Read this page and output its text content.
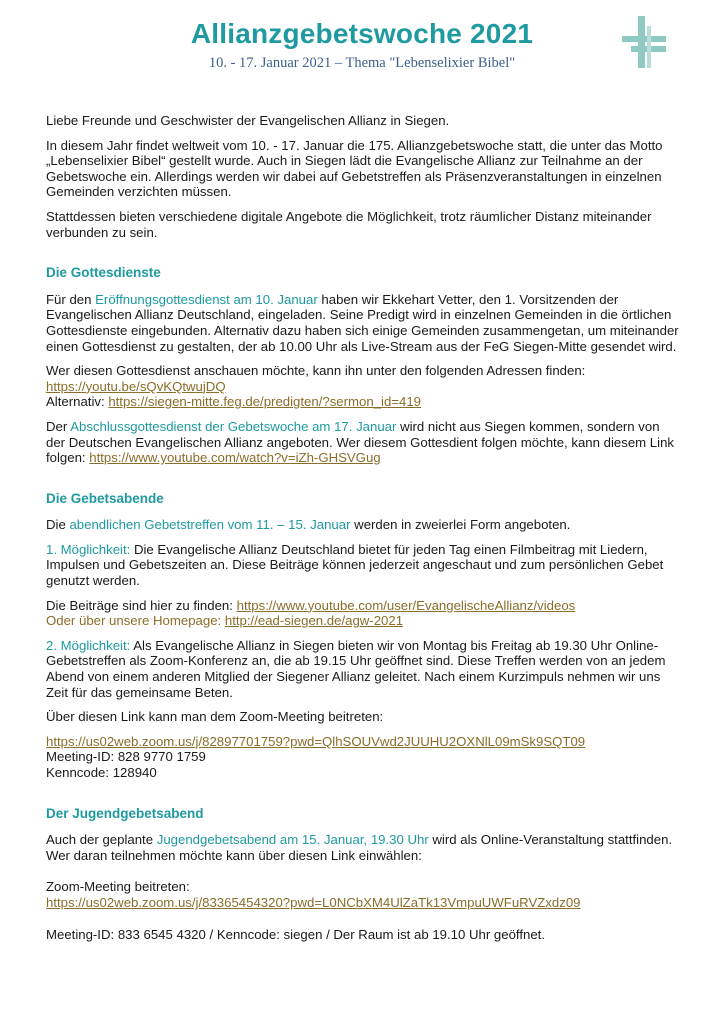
Allianzgebetswoche 2021
10. - 17. Januar 2021 – Thema "Lebenselixier Bibel"

Liebe Freunde und Geschwister der Evangelischen Allianz in Siegen.

In diesem Jahr findet weltweit vom 10. - 17. Januar die 175. Allianzgebetswoche statt, die unter das Motto „Lebenselixier Bibel“ gestellt wurde. Auch in Siegen lädt die Evangelische Allianz zur Teilnahme an der Gebetswoche ein. Allerdings werden wir dabei auf Gebetstreffen als Präsenzveranstaltungen in einzelnen Gemeinden verzichten müssen.

Stattdessen bieten verschiedene digitale Angebote die Möglichkeit, trotz räumlicher Distanz miteinander verbunden zu sein.

Die Gottesdienste

Für den Eröffnungsgottesdienst am 10. Januar haben wir Ekkehart Vetter, den 1. Vorsitzenden der Evangelischen Allianz Deutschland, eingeladen. Seine Predigt wird in einzelnen Gemeinden in die örtlichen Gottesdienste eingebunden. Alternativ dazu haben sich einige Gemeinden zusammengetan, um miteinander einen Gottesdienst zu gestalten, der ab 10.00 Uhr als Live-Stream aus der FeG Siegen-Mitte gesendet wird.

Wer diesen Gottesdienst anschauen möchte, kann ihn unter den folgenden Adressen finden:
https://youtu.be/sQvKQtwujDQ
Alternativ: https://siegen-mitte.feg.de/predigten/?sermon_id=419

Der Abschlussgottesdienst der Gebetswoche am 17. Januar wird nicht aus Siegen kommen, sondern von der Deutschen Evangelischen Allianz angeboten. Wer diesem Gottesdient folgen möchte, kann diesem Link folgen: https://www.youtube.com/watch?v=iZh-GHSVGug

Die Gebetsabende

Die abendlichen Gebetstreffen vom 11. – 15. Januar werden in zweierlei Form angeboten.

1. Möglichkeit: Die Evangelische Allianz Deutschland bietet für jeden Tag einen Filmbeitrag mit Liedern, Impulsen und Gebetszeiten an. Diese Beiträge können jederzeit angeschaut und zum persönlichen Gebet genutzt werden.

Die Beiträge sind hier zu finden: https://www.youtube.com/user/EvangelischeAllianz/videos
Oder über unsere Homepage: http://ead-siegen.de/agw-2021

2. Möglichkeit: Als Evangelische Allianz in Siegen bieten wir von Montag bis Freitag ab 19.30 Uhr Online-Gebetstreffen als Zoom-Konferenz an, die ab 19.15 Uhr geöffnet sind. Diese Treffen werden von an jedem Abend von einem anderen Mitglied der Siegener Allianz geleitet. Nach einem Kurzimpuls nehmen wir uns Zeit für das gemeinsame Beten.

Über diesen Link kann man dem Zoom-Meeting beitreten:

https://us02web.zoom.us/j/82897701759?pwd=QlhSOUVwd2JUUHU2OXNlL09mSk9SQT09
Meeting-ID: 828 9770 1759
Kenncode: 128940

Der Jugendgebetsabend

Auch der geplante Jugendgebetsabend am 15. Januar, 19.30 Uhr wird als Online-Veranstaltung stattfinden. Wer daran teilnehmen möchte kann über diesen Link einwählen:

Zoom-Meeting beitreten:
https://us02web.zoom.us/j/83365454320?pwd=L0NCbXM4UlZaTk13VmpuUWFuRVZxdz09

Meeting-ID: 833 6545 4320 / Kenncode: siegen / Der Raum ist ab 19.10 Uhr geöffnet.
